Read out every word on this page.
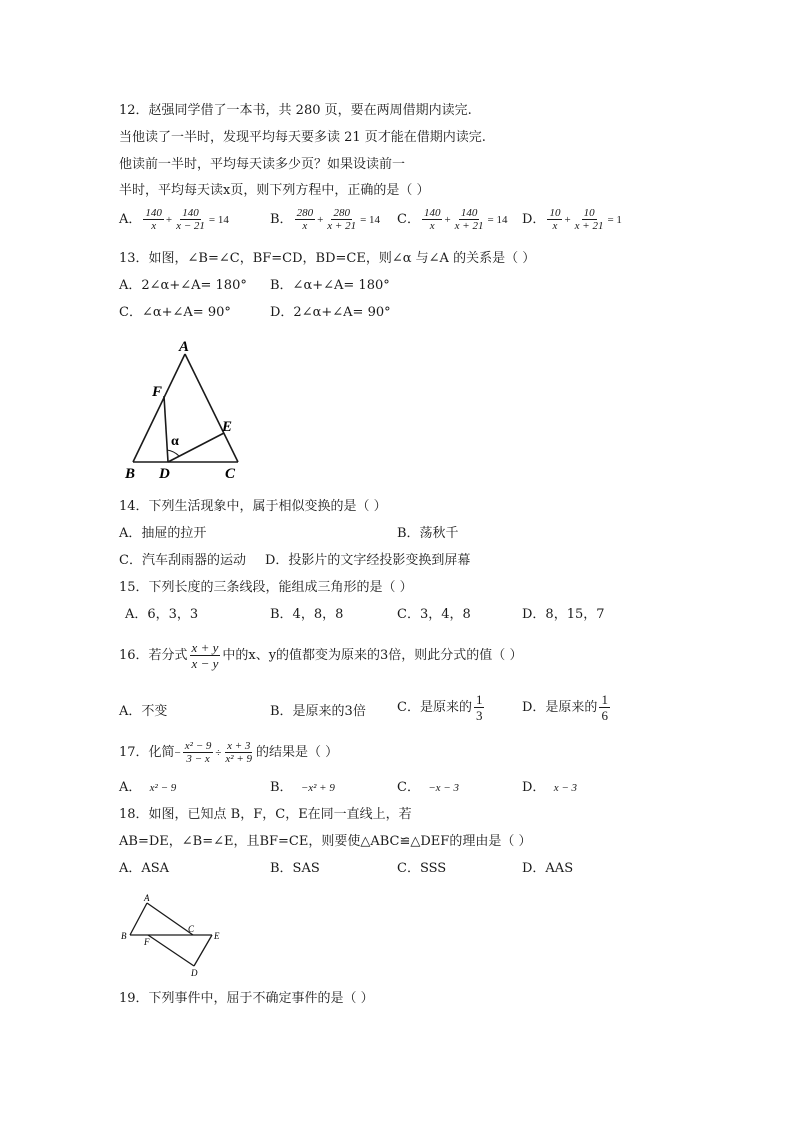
12．赵强同学借了一本书，共 280 页，要在两周借期内读完.
当他读了一半时，发现平均每天要多读 21 页才能在借期内读完.
他读前一半时，平均每天读多少页？如果设读前一
半时，平均每天读x页，则下列方程中，正确的是（ ）
A． $\frac{140}{x} + \frac{140}{x - 21} = 14$	B． $\frac{280}{x} + \frac{280}{x + 21} = 14$ C． $\frac{140}{x} + \frac{140}{x + 21} = 14$ D． $\frac{10}{x} + \frac{10}{x + 21} = 1$
13．如图，∠B=∠C，BF=CD，BD=CE，则∠α 与∠A 的关系是（ ）
A．2∠α+∠A= 180° B．∠α+∠A= 180°
C．∠α+∠A= 90°	D．2∠α+∠A= 90°
A
F
E
α
B D	C
14．下列生活现象中，属于相似变换的是（ ）
A．抽屉的拉开	B．荡秋千
C．汽车刮雨器的运动 D．投影片的文字经投影变换到屏幕
15．下列长度的三条线段，能组成三角形的是（ ）
A．6，3，3	B．4，8，8	C．3，4，8	D．8，15，7
16．若分式 $\frac{x + y}{x - y}$ 中的x、y的值都变为原来的3倍，则此分式的值（ ）
A．不变	B．是原来的3倍 C．是原来的 $\frac{1}{3}$	D．是原来的 $\frac{1}{6}$
17．化简− $\frac{\text{x² − 9}}{3 - x} \div \frac{x + 3}{\text{x² + 9}}$ 的结果是（ ）
A． x² − 9	B． −x² + 9	C． −x − 3	D． x − 3
18．如图，已知点 B，F，C，E在同一直线上，若
AB=DE，∠B=∠E，且BF=CE，则要使△ABC≌△DEF的理由是（ ）
A．ASA	B．SAS	C．SSS	D．AAS
A
B
F
C
E
D
19．下列事件中，屈于不确定事件的是（ ）
